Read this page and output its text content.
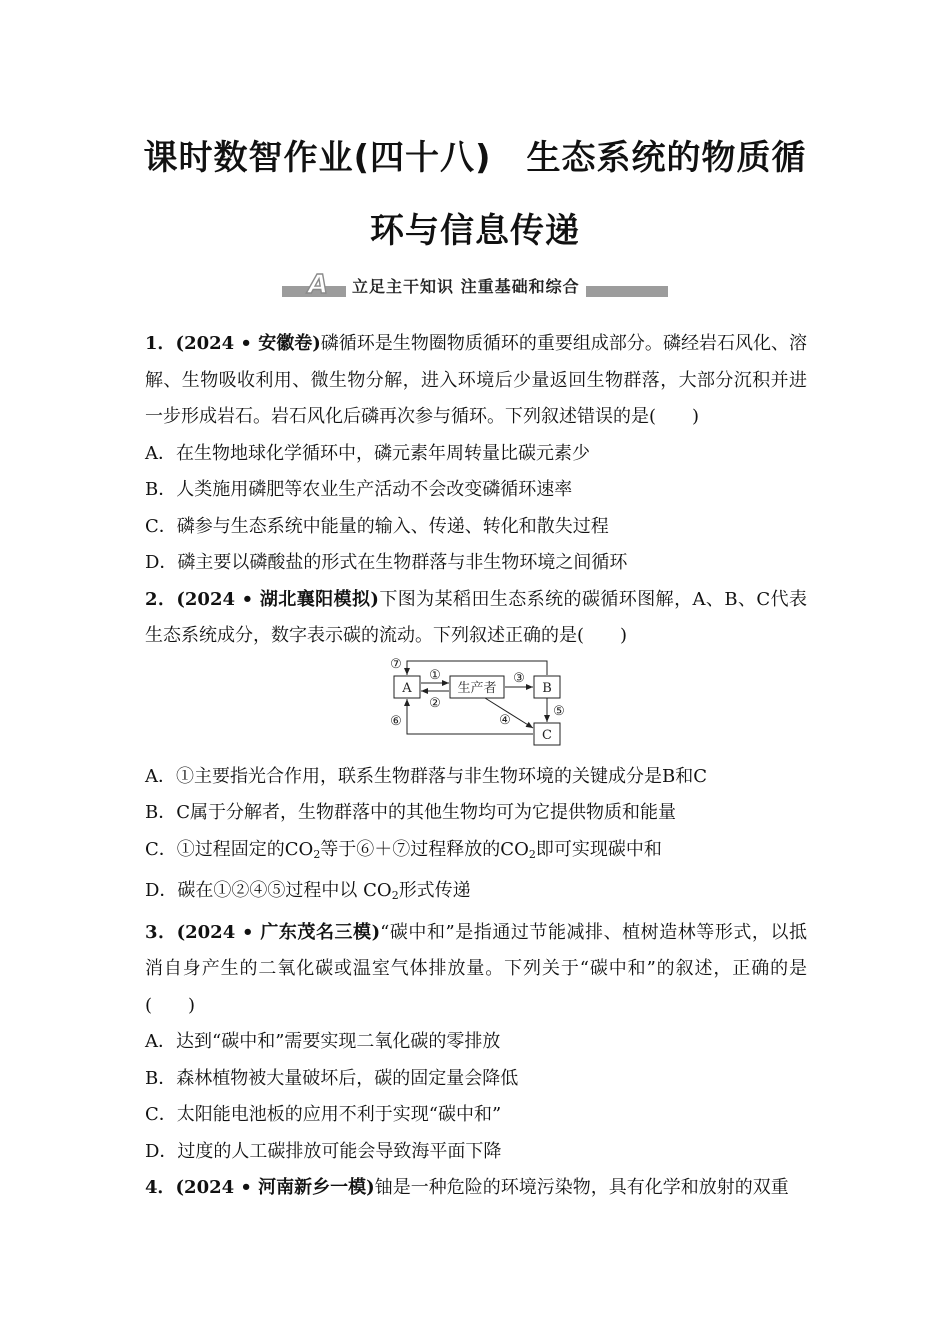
课时数智作业(四十八)　生态系统的物质循
环与信息传递
A	立足主干知识 注重基础和综合

1．(2024 • 安徽卷)磷循环是生物圈物质循环的重要组成部分。磷经岩石风化、溶解、生物吸收利用、微生物分解，进入环境后少量返回生物群落，大部分沉积并进一步形成岩石。岩石风化后磷再次参与循环。下列叙述错误的是(　　)

A．在生物地球化学循环中，磷元素年周转量比碳元素少

B．人类施用磷肥等农业生产活动不会改变磷循环速率

C．磷参与生态系统中能量的输入、传递、转化和散失过程

D．磷主要以磷酸盐的形式在生物群落与非生物环境之间循环

2．(2024 • 湖北襄阳模拟)下图为某稻田生态系统的碳循环图解，A、B、C代表生态系统成分，数字表示碳的流动。下列叙述正确的是(　　)

A	生产者	B
C
①
②
③
④
⑤
⑥
⑦

A．①主要指光合作用，联系生物群落与非生物环境的关键成分是B和C

B．C属于分解者，生物群落中的其他生物均可为它提供物质和能量

C．①过程固定的$CO_2$等于⑥＋⑦过程释放的$CO_2$即可实现碳中和

D．碳在①②④⑤过程中以 $CO_2$形式传递

3．(2024 • 广东茂名三模)“碳中和”是指通过节能减排、植树造林等形式，以抵消自身产生的二氧化碳或温室气体排放量。下列关于“碳中和”的叙述，正确的是(　　)

A．达到“碳中和”需要实现二氧化碳的零排放

B．森林植物被大量破坏后，碳的固定量会降低

C．太阳能电池板的应用不利于实现“碳中和”

D．过度的人工碳排放可能会导致海平面下降

4．(2024 • 河南新乡一模)铀是一种危险的环境污染物，具有化学和放射的双重
